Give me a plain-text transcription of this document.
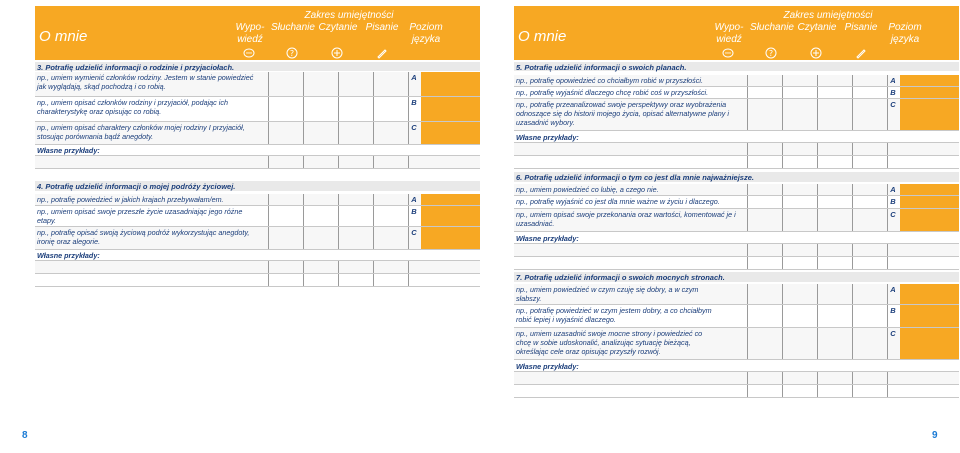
O mnie
Zakres umiejętności
Wypo-
wiedź
Słuchanie Czytanie Pisanie	Poziom
języka
?
3. Potrafię udzielić informacji o rodzinie i przyjaciołach.
np., umiem wymienić członków rodziny. Jestem w stanie powiedzieć jak wyglądają, skąd pochodzą i co robią.
A
np., umiem opisać członków rodziny i przyjaciół, podając ich charakterystykę oraz opisując co robią.
B
np., umiem opisać charaktery członków mojej rodziny I przyjaciół, stosując porównania bądź anegdoty.
C
Własne przykłady:
4. Potrafię udzielić informacji o mojej podróży życiowej.
np., potrafię powiedzieć w jakich krajach przebywałam/em.	A
np., umiem opisać swoje przeszłe życie uzasadniając jego różne etapy.
B
np., potrafię opisać swoją życiową podróż wykorzystując anegdoty, ironię oraz alegorie.
C
Własne przykłady:
8
O mnie
Zakres umiejętności
Wypo-
wiedź
Słuchanie Czytanie Pisanie	Poziom
języka
?
5. Potrafię udzielić informacji o swoich planach.
np., potrafię opowiedzieć co chciałbym robić w przyszłości.	A
np., potrafię wyjaśnić dlaczego chcę robić coś w przyszłości.	B
np., potrafię przeanalizować swoje perspektywy oraz wyobrażenia odnoszące się do historii mojego życia, opisać alternatywne plany i uzasadnić wybory.
C
Własne przykłady:
6. Potrafię udzielić informacji o tym co jest dla mnie najważniejsze.
np., umiem powiedzieć co lubię, a czego nie.	A
np., potrafię wyjaśnić co jest dla mnie ważne w życiu i dlaczego.	B
np., umiem opisać swoje przekonania oraz wartości, komentować je i uzasadniać.
C
Własne przykłady:
7. Potrafię udzielić informacji o swoich mocnych stronach.
np., umiem powiedzieć w czym czuję się dobry, a w czym słabszy.
A
np., potrafię powiedzieć w czym jestem dobry, a co chciałbym robić lepiej i wyjaśnić dlaczego.
B
np., umiem uzasadnić swoje mocne strony i powiedzieć co chcę w sobie udoskonalić, analizując sytuację bieżącą, określając cele oraz opisując przyszły rozwój.
C
Własne przykłady:
9
